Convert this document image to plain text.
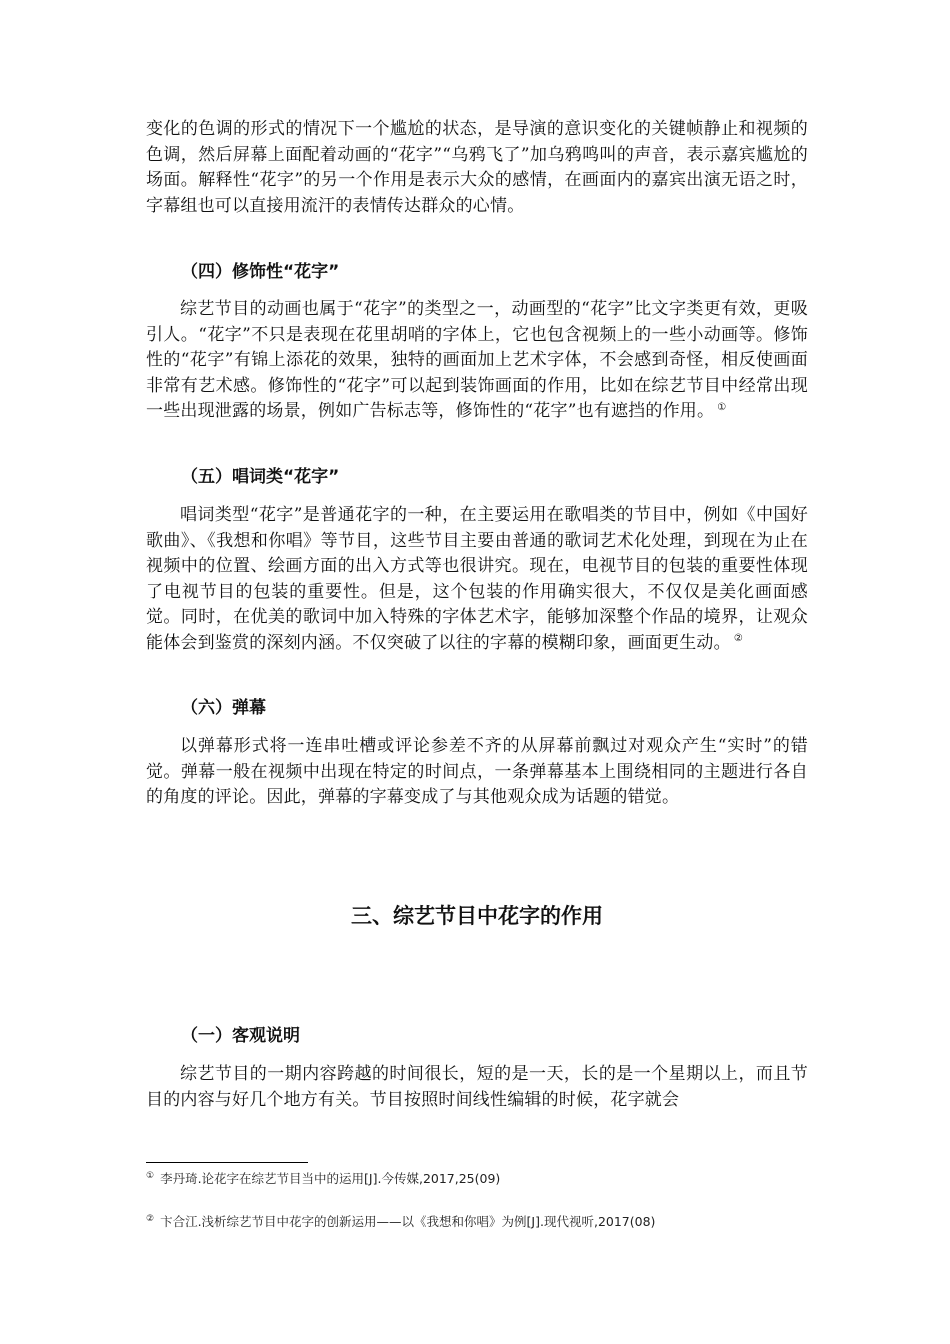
变化的色调的形式的情况下一个尴尬的状态，是导演的意识变化的关键帧静止和视频的色调，然后屏幕上面配着动画的“花字”“乌鸦飞了”加乌鸦鸣叫的声音，表示嘉宾尴尬的场面。解释性“花字”的另一个作用是表示大众的感情，在画面内的嘉宾出演无语之时，字幕组也可以直接用流汗的表情传达群众的心情。

（四）修饰性“花字”

综艺节目的动画也属于“花字”的类型之一，动画型的“花字”比文字类更有效，更吸引人。“花字”不只是表现在花里胡哨的字体上，它也包含视频上的一些小动画等。修饰性的“花字”有锦上添花的效果，独特的画面加上艺术字体，不会感到奇怪，相反使画面非常有艺术感。修饰性的“花字”可以起到装饰画面的作用，比如在综艺节目中经常出现一些出现泄露的场景，例如广告标志等，修饰性的“花字”也有遮挡的作用。 ①

（五）唱词类“花字”

唱词类型“花字”是普通花字的一种，在主要运用在歌唱类的节目中，例如《中国好歌曲》、《我想和你唱》等节目，这些节目主要由普通的歌词艺术化处理，到现在为止在视频中的位置、绘画方面的出入方式等也很讲究。现在，电视节目的包装的重要性体现了电视节目的包装的重要性。但是，这个包装的作用确实很大，不仅仅是美化画面感觉。同时，在优美的歌词中加入特殊的字体艺术字，能够加深整个作品的境界，让观众能体会到鉴赏的深刻内涵。不仅突破了以往的字幕的模糊印象，画面更生动。 ②

（六）弹幕

以弹幕形式将一连串吐槽或评论参差不齐的从屏幕前飘过对观众产生“实时”的错觉。弹幕一般在视频中出现在特定的时间点，一条弹幕基本上围绕相同的主题进行各自的角度的评论。因此，弹幕的字幕变成了与其他观众成为话题的错觉。

三、综艺节目中花字的作用
（一）客观说明

综艺节目的一期内容跨越的时间很长，短的是一天，长的是一个星期以上，而且节目的内容与好几个地方有关。节目按照时间线性编辑的时候，花字就会

① 李丹琦.论花字在综艺节目当中的运用[J].今传媒,2017,25(09)
② 卞合江.浅析综艺节目中花字的创新运用——以《我想和你唱》为例[J].现代视听,2017(08)
